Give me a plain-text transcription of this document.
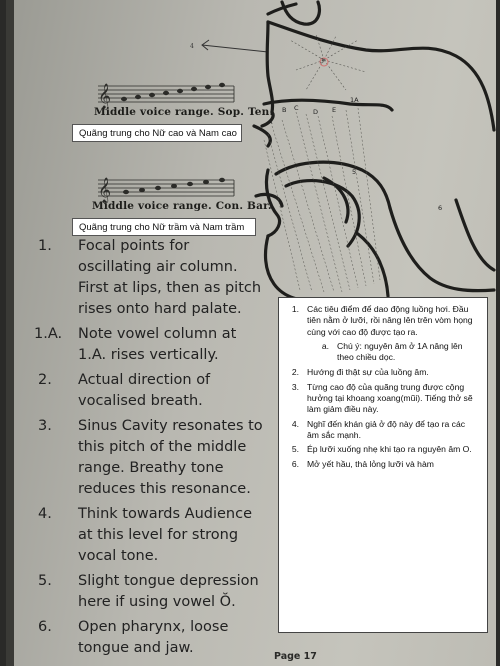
𝄞
𝄞
4
3
B C D E
1A
A
5
6
Middle voice range. Sop. Ten.
Quãng trung cho Nữ cao và Nam cao
Middle voice range. Con. Bar.
Quãng trung cho Nữ trầm và Nam trầm
1.	Focal points for oscillating air column. First at lips, then as pitch rises onto hard palate.
1.A.	Note vowel column at 1.A. rises vertically.
2.	Actual direction of vocalised breath.
3.	Sinus Cavity resonates to this pitch of the middle range. Breathy tone reduces this resonance.
4.	Think towards Audience at this level for strong vocal tone.
5.	Slight tongue depression here if using vowel Ŏ.
6.	Open pharynx, loose tongue and jaw.
1. Các tiêu điểm để dao động luồng hơi. Đầu tiên nằm ở lưỡi, rồi nâng lên trên vòm họng cùng với cao độ được tạo ra.
a. Chú ý: nguyên âm ở 1A nâng lên theo chiều dọc.
2. Hướng đi thật sự của luồng âm.
3. Từng cao độ của quãng trung được cộng hưởng tại khoang xoang(mũi). Tiếng thở sẽ làm giảm điều này.
4. Nghĩ đến khán giả ở độ này để tạo ra các âm sắc mạnh.
5. Ép lưỡi xuống nhẹ khi tạo ra nguyên âm O.
6. Mở yết hầu, thả lỏng lưỡi và hàm
Page 17
